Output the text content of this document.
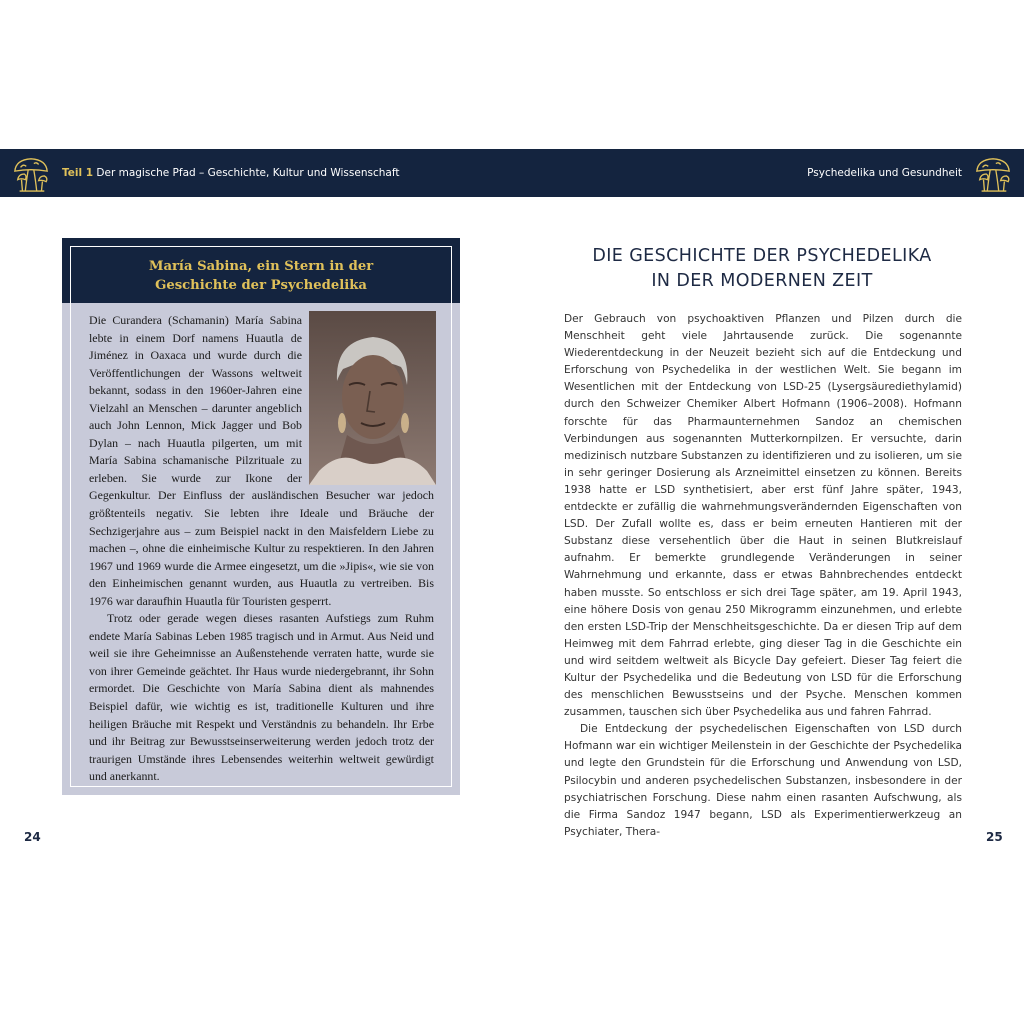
Teil 1 Der magische Pfad – Geschichte, Kultur und Wissenschaft	Psychedelika und Gesundheit
María Sabina, ein Stern in der
Geschichte der Psychedelika

Die Curandera (Schamanin) María Sabina lebte in einem Dorf namens Huautla de Jiménez in Oaxaca und wurde durch die Veröffentlichungen der Wassons weltweit bekannt, sodass in den 1960er-Jahren eine Vielzahl an Menschen – darunter angeblich auch John Lennon, Mick Jagger und Bob Dylan – nach Huautla pilgerten, um mit María Sabina schamanische Pilzrituale zu erleben. Sie wurde zur Ikone der Gegenkultur. Der Einfluss der ausländischen Besucher war jedoch größtenteils negativ. Sie lebten ihre Ideale und Bräuche der Sechzigerjahre aus – zum Beispiel nackt in den Maisfeldern Liebe zu machen –, ohne die einheimische Kultur zu respektieren. In den Jahren 1967 und 1969 wurde die Armee eingesetzt, um die »Jipis«, wie sie von den Einheimischen genannt wurden, aus Huautla zu vertreiben. Bis 1976 war daraufhin Huautla für Touristen gesperrt.

Trotz oder gerade wegen dieses rasanten Aufstiegs zum Ruhm endete María Sabinas Leben 1985 tragisch und in Armut. Aus Neid und weil sie ihre Geheimnisse an Außenstehende verraten hatte, wurde sie von ihrer Gemeinde geächtet. Ihr Haus wurde niedergebrannt, ihr Sohn ermordet. Die Geschichte von María Sabina dient als mahnendes Beispiel dafür, wie wichtig es ist, traditionelle Kulturen und ihre heiligen Bräuche mit Respekt und Verständnis zu behandeln. Ihr Erbe und ihr Beitrag zur Bewusstseinserweiterung werden jedoch trotz der traurigen Umstände ihres Lebensendes weiterhin weltweit gewürdigt und anerkannt.

DIE GESCHICHTE DER PSYCHEDELIKA
IN DER MODERNEN ZEIT

Der Gebrauch von psychoaktiven Pflanzen und Pilzen durch die Menschheit geht viele Jahrtausende zurück. Die sogenannte Wiederentdeckung in der Neuzeit bezieht sich auf die Entdeckung und Erforschung von Psychedelika in der westlichen Welt. Sie begann im Wesentlichen mit der Entdeckung von LSD-25 (Lysergsäurediethylamid) durch den Schweizer Chemiker Albert Hofmann (1906–2008). Hofmann forschte für das Pharmaunternehmen Sandoz an chemischen Verbindungen aus sogenannten Mutterkornpilzen. Er versuchte, darin medizinisch nutzbare Substanzen zu identifizieren und zu isolieren, um sie in sehr geringer Dosierung als Arzneimittel einsetzen zu können. Bereits 1938 hatte er LSD synthetisiert, aber erst fünf Jahre später, 1943, entdeckte er zufällig die wahrnehmungsverändernden Eigenschaften von LSD. Der Zufall wollte es, dass er beim erneuten Hantieren mit der Substanz diese versehentlich über die Haut in seinen Blutkreislauf aufnahm. Er bemerkte grundlegende Veränderungen in seiner Wahrnehmung und erkannte, dass er etwas Bahnbrechendes entdeckt haben musste. So entschloss er sich drei Tage später, am 19. April 1943, eine höhere Dosis von genau 250 Mikrogramm einzunehmen, und erlebte den ersten LSD-Trip der Menschheitsgeschichte. Da er diesen Trip auf dem Heimweg mit dem Fahrrad erlebte, ging dieser Tag in die Geschichte ein und wird seitdem weltweit als Bicycle Day gefeiert. Dieser Tag feiert die Kultur der Psychedelika und die Bedeutung von LSD für die Erforschung des menschlichen Bewusstseins und der Psyche. Menschen kommen zusammen, tauschen sich über Psychedelika aus und fahren Fahrrad.

Die Entdeckung der psychedelischen Eigenschaften von LSD durch Hofmann war ein wichtiger Meilenstein in der Geschichte der Psychedelika und legte den Grundstein für die Erforschung und Anwendung von LSD, Psilocybin und anderen psychedelischen Substanzen, insbesondere in der psychiatrischen Forschung. Diese nahm einen rasanten Aufschwung, als die Firma Sandoz 1947 begann, LSD als Experimentierwerkzeug an Psychiater, Thera-

24	25
